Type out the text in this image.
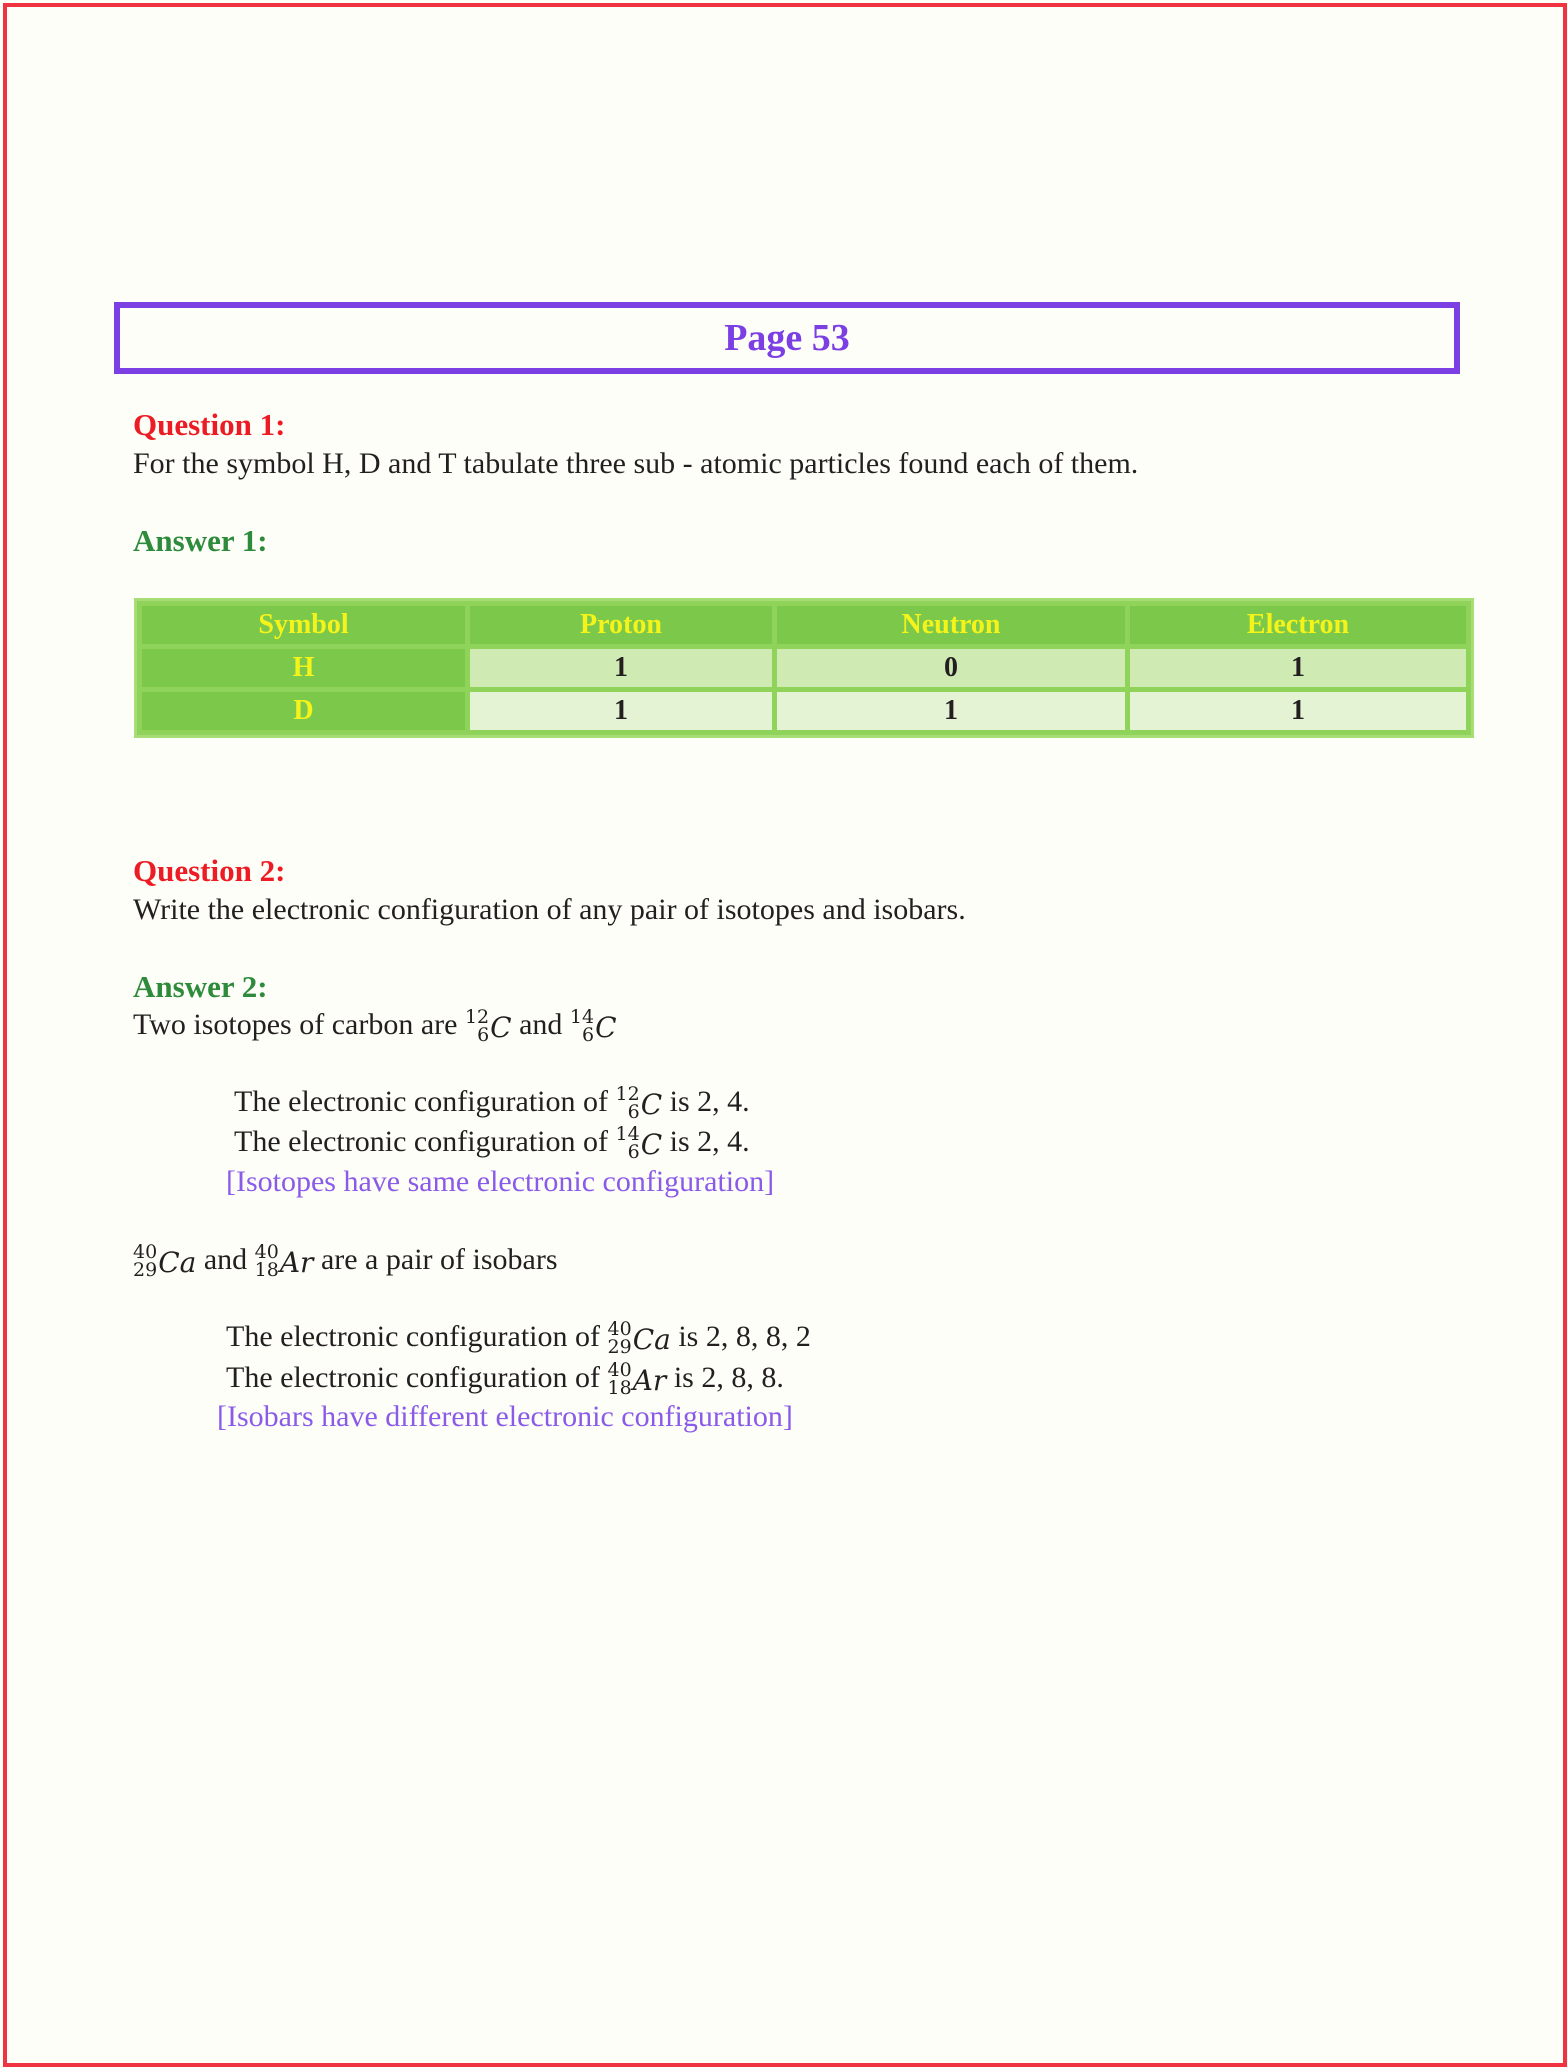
Page 53
Question 1:
For the symbol H, D and T tabulate three sub - atomic particles found each of them.
Answer 1:
Symbol	Proton	Neutron	Electron
H	1	0	1
D	1	1	1
Question 2:
Write the electronic configuration of any pair of isotopes and isobars.
Answer 2:
Two isotopes of carbon are 12
6 C and 14
6 C
The electronic configuration of 12
6 C is 2, 4.
The electronic configuration of 14
6 C is 2, 4.
[Isotopes have same electronic configuration]
40
29 Ca and 40
18 Ar are a pair of isobars
The electronic configuration of 40
29 Ca is 2, 8, 8, 2
The electronic configuration of 40
18 Ar is 2, 8, 8.
[Isobars have different electronic configuration]
